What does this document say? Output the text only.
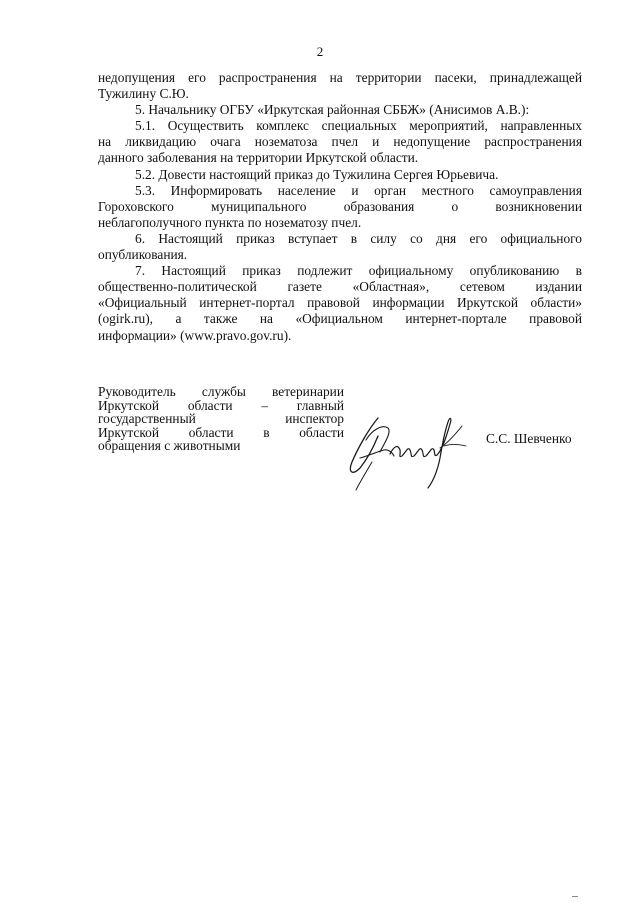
2
недопущения его распространения на территории пасеки, принадлежащей
Тужилину С.Ю.
5. Начальнику ОГБУ «Иркутская районная СББЖ» (Анисимов А.В.):
5.1. Осуществить комплекс специальных мероприятий, направленных
на ликвидацию очага нозематоза пчел и недопущение распространения
данного заболевания на территории Иркутской области.
5.2. Довести настоящий приказ до Тужилина Сергея Юрьевича.
5.3. Информировать население и орган местного самоуправления
Гороховского муниципального образования о возникновении
неблагополучного пункта по нозематозу пчел.
6. Настоящий приказ вступает в силу со дня его официального
опубликования.
7. Настоящий приказ подлежит официальному опубликованию в
общественно-политической газете «Областная», сетевом издании
«Официальный интернет-портал правовой информации Иркутской области»
(ogirk.ru), а также на «Официальном интернет-портале правовой
информации» (www.pravo.gov.ru).
Руководитель службы ветеринарии
Иркутской области – главный
государственный инспектор
Иркутской области в области
обращения с животными	С.С. Шевченко
